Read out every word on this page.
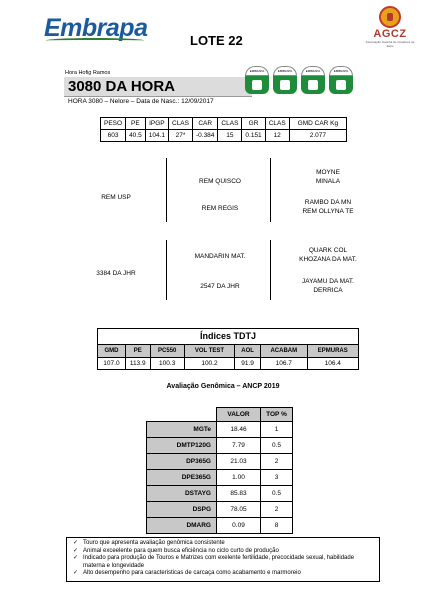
Embrapa	LOTE 22	AGCZ
Associação Gaúcha de Criadores de Zebu
Hora Hofig Ramos
3080 DA HORA
HORA 3080 – Nelore – Data de Nasc.: 12/09/2017
EMBRAPA	EMBRAPA	EMBRAPA	EMBRAPA
PESO	PE	IPGP	CLAS	CAR	CLAS	GR	CLAS	GMD CAR Kg
603	40.5	104.1	27*	-0.384	15	0.151	12	2.077
REM USP
REM QUISCO
REM REGIS
MOYNE
MINALA
RAMBO DA MN
REM OLLYNA TE
3384 DA JHR
MANDARIN MAT.
2547 DA JHR
QUARK COL
KHOZANA DA MAT.
JAYAMU DA MAT.
DERRICA
Índices TDTJ
GMD	PE	PC550	VOL TEST	AOL	ACABAM	EPMURAS
107.0	113.9	100.3	100.2	91.9	106.7	106.4
Avaliação Genômica – ANCP 2019
	VALOR	TOP %
MGTe	18.46	1
DMTP120G	7.79	0.5
DP365G	21.03	2
DPE365G	1.00	3
DSTAYG	85.83	0.5
DSPG	78.05	2
DMARG	0.09	8
✓ Touro que apresenta avaliação genômica consistente
✓ Animal exceelente para quem busca eficiência no ciclo curto de produção
✓ Indicado para produção de Touros e Matrizes com exelente fertilidade, precocidade sexual, habilidade materna e longevidade
✓ Alto desempenho para caracteristicas de carcaça como acabamento e marmoreio
